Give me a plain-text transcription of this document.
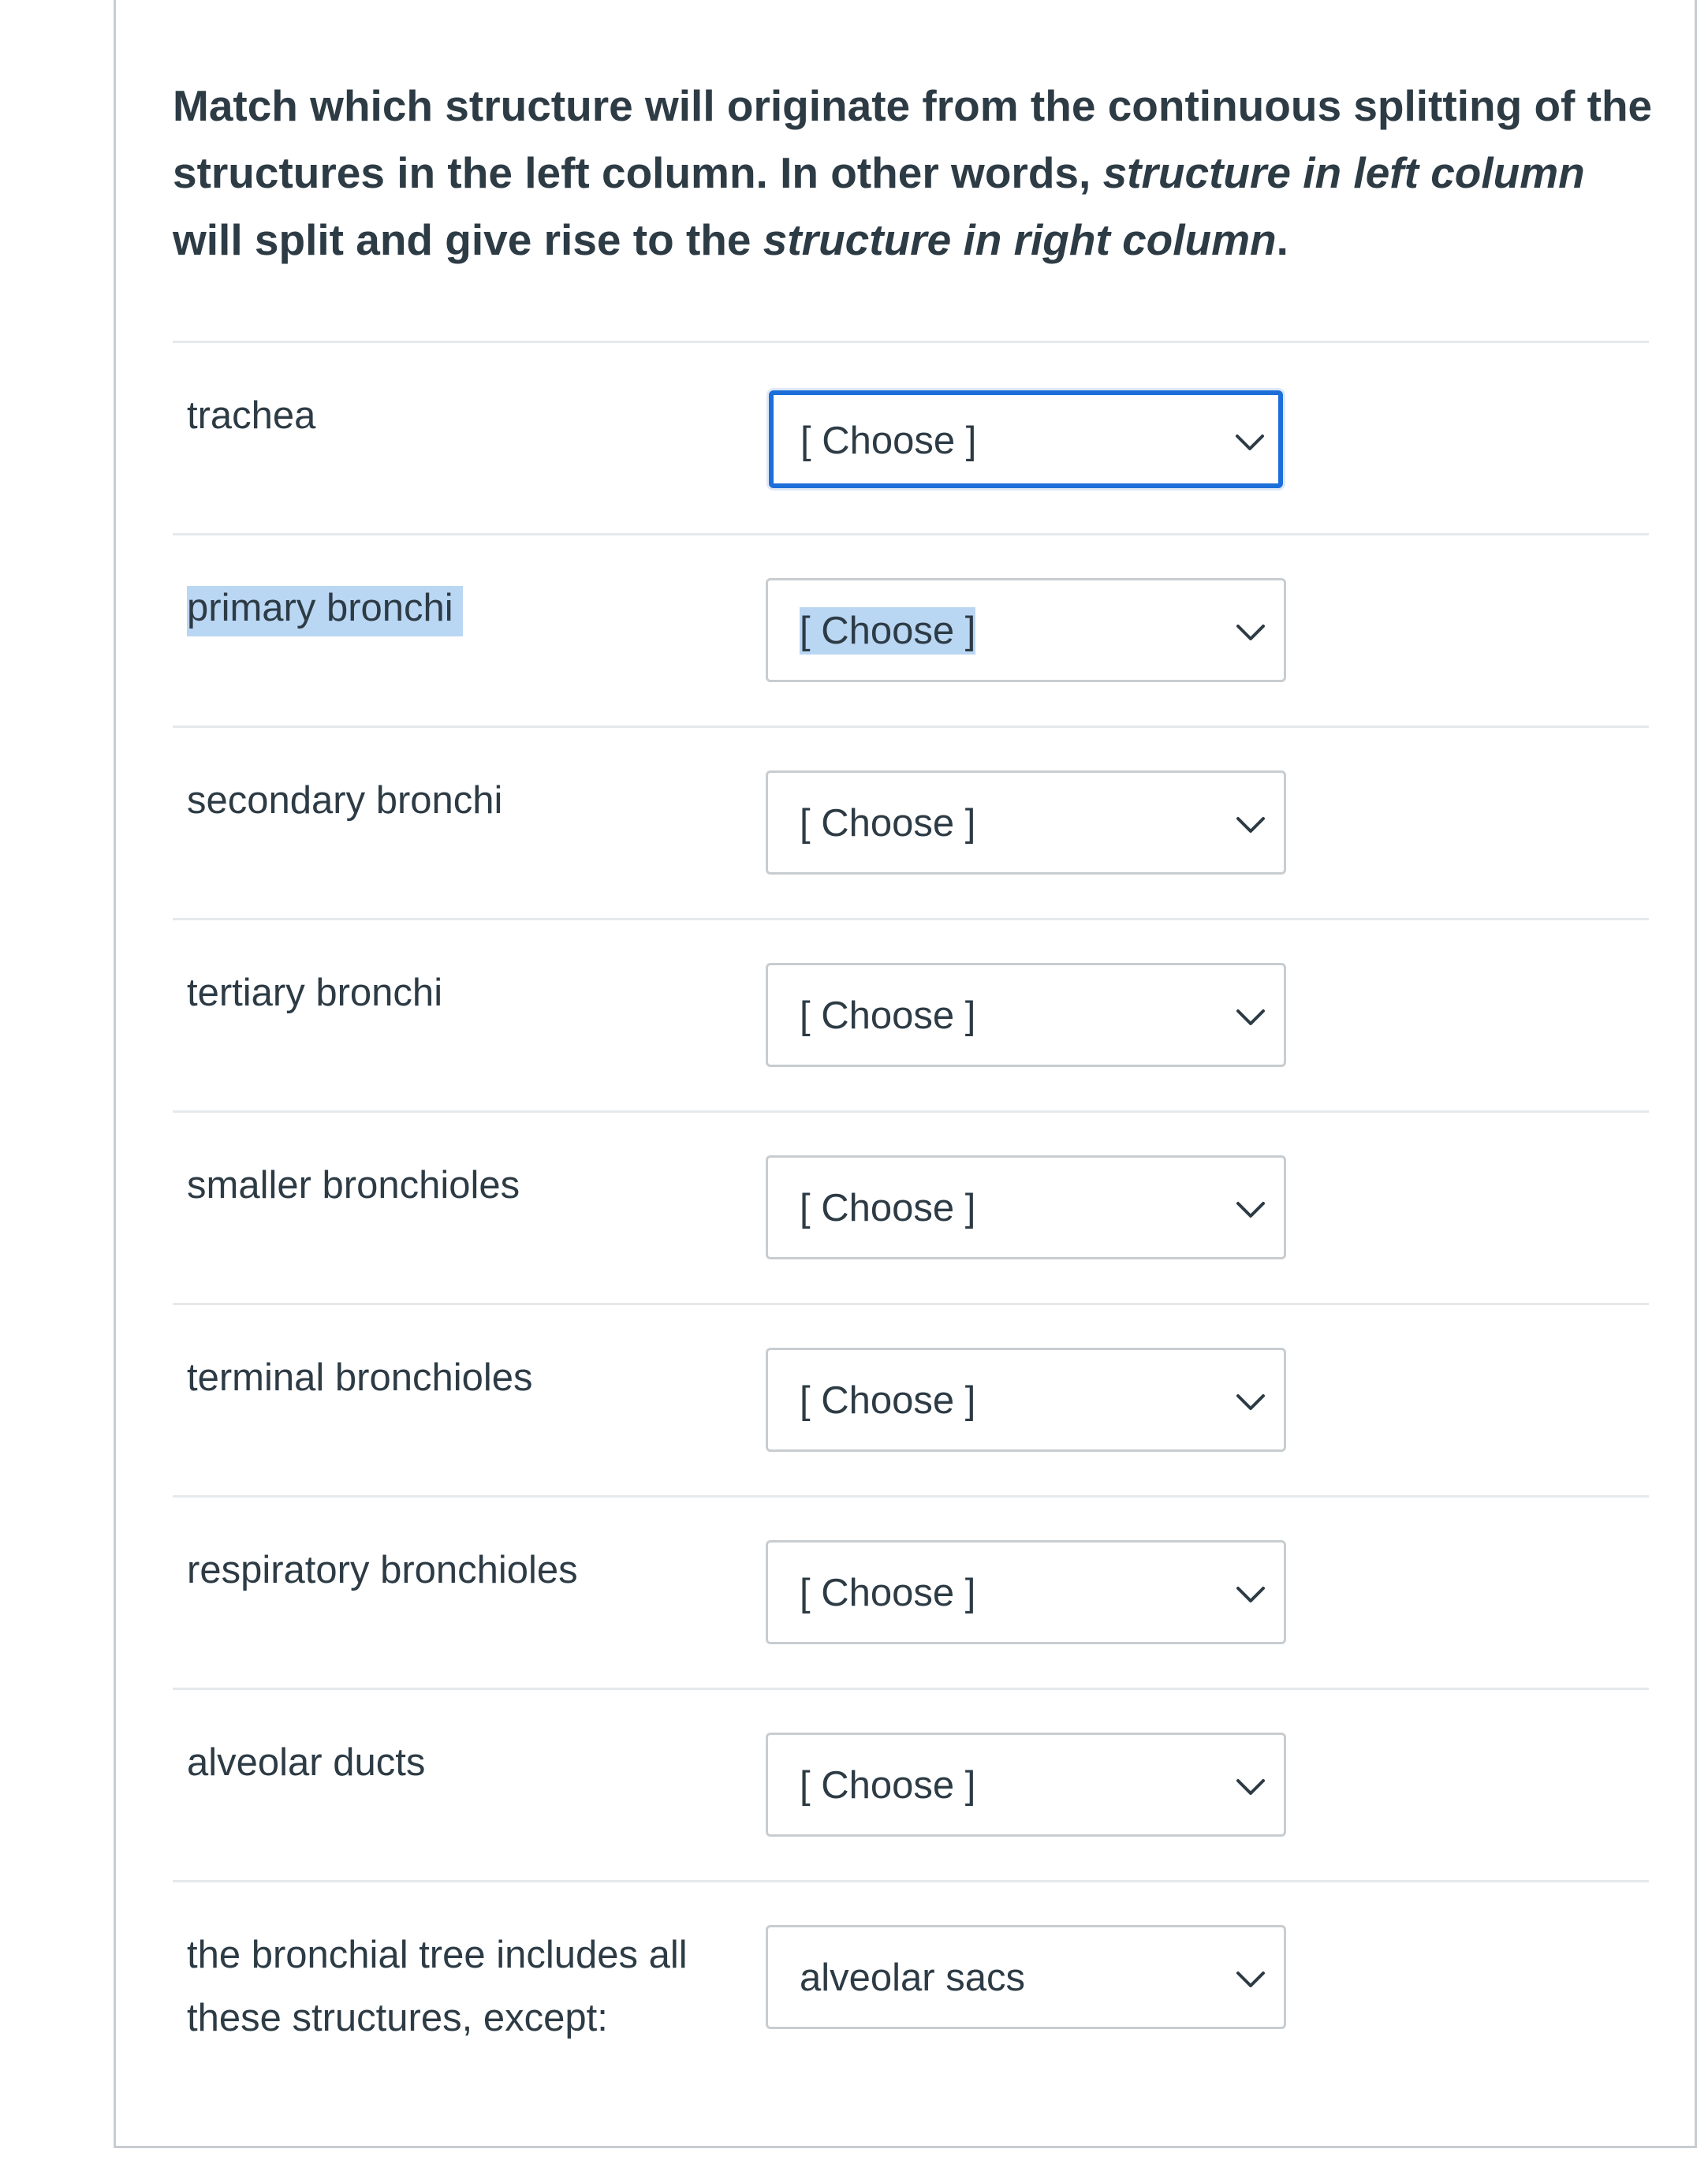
Match which structure will originate from the continuous splitting of the structures in the left column. In other words, structure in left column will split and give rise to the structure in right column.

trachea
[ Choose ]
primary bronchi
[ Choose ]
secondary bronchi
[ Choose ]
tertiary bronchi
[ Choose ]
smaller bronchioles
[ Choose ]
terminal bronchioles
[ Choose ]
respiratory bronchioles
[ Choose ]
alveolar ducts
[ Choose ]
the bronchial tree includes all these structures, except:
alveolar sacs
